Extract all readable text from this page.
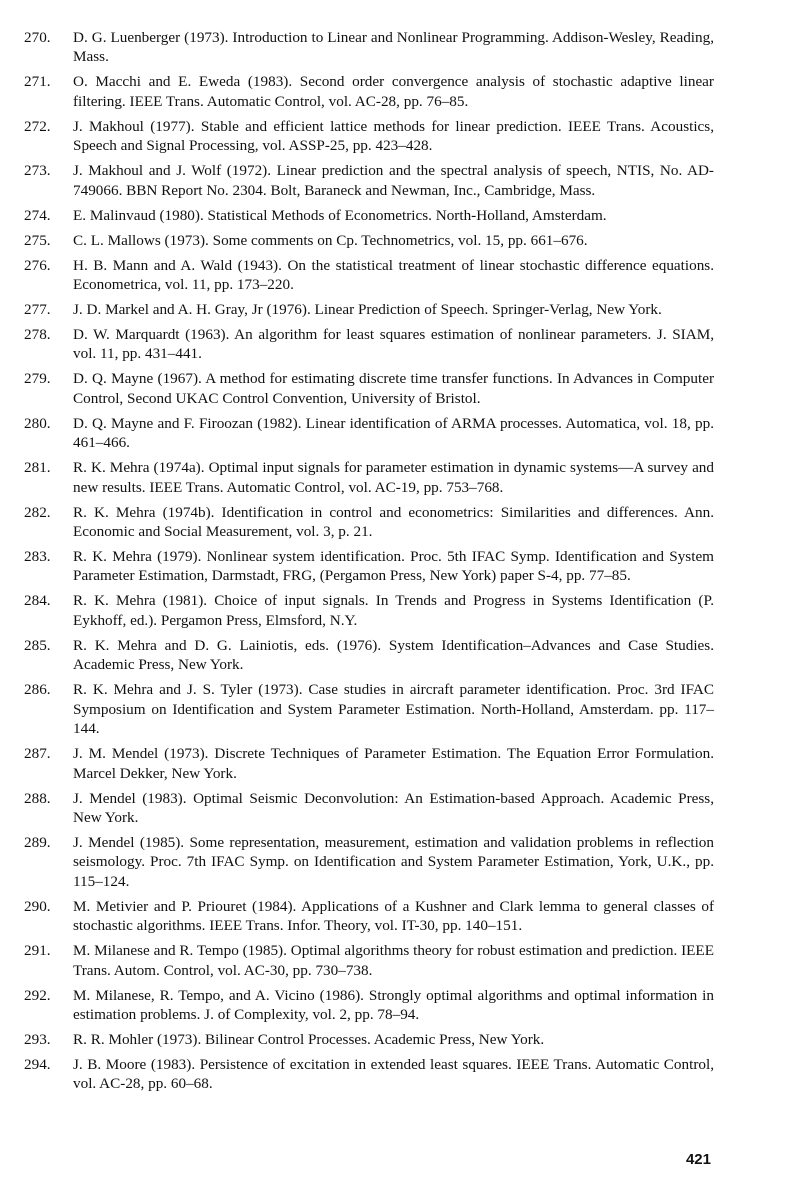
270.	D. G. Luenberger (1973). Introduction to Linear and Nonlinear Programming. Addison-Wesley, Reading, Mass.
271.	O. Macchi and E. Eweda (1983). Second order convergence analysis of stochastic adaptive linear filtering. IEEE Trans. Automatic Control, vol. AC-28, pp. 76–85.
272.	J. Makhoul (1977). Stable and efficient lattice methods for linear prediction. IEEE Trans. Acoustics, Speech and Signal Processing, vol. ASSP-25, pp. 423–428.
273.	J. Makhoul and J. Wolf (1972). Linear prediction and the spectral analysis of speech, NTIS, No. AD-749066. BBN Report No. 2304. Bolt, Baraneck and Newman, Inc., Cambridge, Mass.
274.	E. Malinvaud (1980). Statistical Methods of Econometrics. North-Holland, Amsterdam.
275.	C. L. Mallows (1973). Some comments on Cp. Technometrics, vol. 15, pp. 661–676.
276.	H. B. Mann and A. Wald (1943). On the statistical treatment of linear stochastic difference equations. Econometrica, vol. 11, pp. 173–220.
277.	J. D. Markel and A. H. Gray, Jr (1976). Linear Prediction of Speech. Springer-Verlag, New York.
278.	D. W. Marquardt (1963). An algorithm for least squares estimation of nonlinear parameters. J. SIAM, vol. 11, pp. 431–441.
279.	D. Q. Mayne (1967). A method for estimating discrete time transfer functions. In Advances in Computer Control, Second UKAC Control Convention, University of Bristol.
280.	D. Q. Mayne and F. Firoozan (1982). Linear identification of ARMA processes. Automatica, vol. 18, pp. 461–466.
281.	R. K. Mehra (1974a). Optimal input signals for parameter estimation in dynamic systems—A survey and new results. IEEE Trans. Automatic Control, vol. AC-19, pp. 753–768.
282.	R. K. Mehra (1974b). Identification in control and econometrics: Similarities and differences. Ann. Economic and Social Measurement, vol. 3, p. 21.
283.	R. K. Mehra (1979). Nonlinear system identification. Proc. 5th IFAC Symp. Identification and System Parameter Estimation, Darmstadt, FRG, (Pergamon Press, New York) paper S-4, pp. 77–85.
284.	R. K. Mehra (1981). Choice of input signals. In Trends and Progress in Systems Identification (P. Eykhoff, ed.). Pergamon Press, Elmsford, N.Y.
285.	R. K. Mehra and D. G. Lainiotis, eds. (1976). System Identification–Advances and Case Studies. Academic Press, New York.
286.	R. K. Mehra and J. S. Tyler (1973). Case studies in aircraft parameter identification. Proc. 3rd IFAC Symposium on Identification and System Parameter Estimation. North-Holland, Amsterdam. pp. 117–144.
287.	J. M. Mendel (1973). Discrete Techniques of Parameter Estimation. The Equation Error Formulation. Marcel Dekker, New York.
288.	J. Mendel (1983). Optimal Seismic Deconvolution: An Estimation-based Approach. Academic Press, New York.
289.	J. Mendel (1985). Some representation, measurement, estimation and validation problems in reflection seismology. Proc. 7th IFAC Symp. on Identification and System Parameter Estimation, York, U.K., pp. 115–124.
290.	M. Metivier and P. Priouret (1984). Applications of a Kushner and Clark lemma to general classes of stochastic algorithms. IEEE Trans. Infor. Theory, vol. IT-30, pp. 140–151.
291.	M. Milanese and R. Tempo (1985). Optimal algorithms theory for robust estimation and prediction. IEEE Trans. Autom. Control, vol. AC-30, pp. 730–738.
292.	M. Milanese, R. Tempo, and A. Vicino (1986). Strongly optimal algorithms and optimal information in estimation problems. J. of Complexity, vol. 2, pp. 78–94.
293.	R. R. Mohler (1973). Bilinear Control Processes. Academic Press, New York.
294.	J. B. Moore (1983). Persistence of excitation in extended least squares. IEEE Trans. Automatic Control, vol. AC-28, pp. 60–68.
421
